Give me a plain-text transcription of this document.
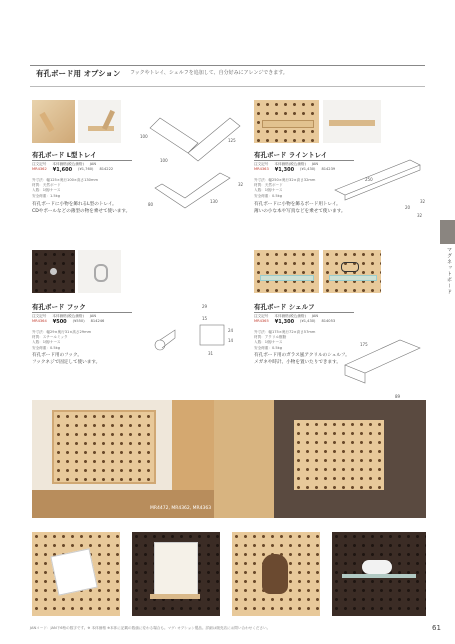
有孔ボード用 オプション フックやトレイ、シェルフを追加して、自分好みにアレンジできます。
マグネットボード
100
100
125
130
80
32
有孔ボード L型トレイ
注文記号 本体価格(税込価格) JAN
MR4362 ¥1,600 (¥1,760) 814222
外寸法：幅125×奥行100×高さ130mm
材質：天然ボード
入数：1個/ケース
安全荷重：1.5kg
有孔ボードに小物を飾れるL型のトレイ。
CDやポールなどの薄型の物を乗せて使います。
250
20
32
32
有孔ボード ライントレイ
注文記号 本体価格(税込価格) JAN
MR4363 ¥1,300 (¥1,430) 814239
外寸法：幅250×奥行32×高さ32mm
材質：天然ボード
入数：1個/ケース
安全荷重：0.5kg
有孔ボードに小物を飾るボード用トレイ。
薄いの小な本や写真などを乗せて使います。
29
31
15
24
14
有孔ボード フック
注文記号 本体価格(税込価格) JAN
MR4364 ¥500 (¥550) 814246
外寸法：幅29×奥行31×高さ29mm
材質：スチールミック
入数：1個/ケース
安全荷重：0.5kg
有孔ボード用のフック。
フックネジで固定して使います。
175
89
有孔ボード シェルフ
注文記号 本体価格(税込価格) JAN
MR4365 ¥1,300 (¥1,430) 814053
外寸法：幅175×奥行72×高さ57mm
材質：アクリル樹脂
入数：1個/ケース
安全荷重：0.5kg
有孔ボード用のガラス風アクリルのシェルフ。
メガネや時計、小物を置いたりできます。
MR4472, MR4362, MR4363
JANコード：JAN下6桁の数字です。※ 本体価格 ※本体に記載の数値に変わる場合も。マグ: オプション製品。詳細は販売店にお問い合わせください。	61
